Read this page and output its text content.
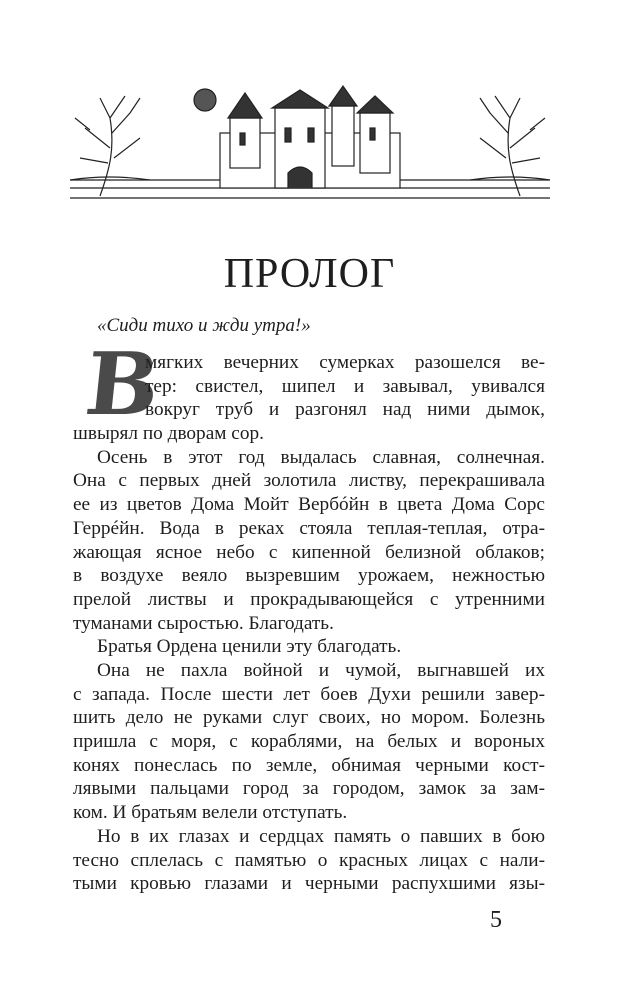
ПРОЛОГ
«Сиди тихо и жди утра!»
В
мягких вечерних сумерках разошелся ве-
тер: свистел, шипел и завывал, увивался
вокруг труб и разгонял над ними дымок,
швырял по дворам сор.
Осень в этот год выдалась славная, солнечная.
Она с первых дней золотила листву, перекрашивала
ее из цветов Дома Мойт Вербóйн в цвета Дома Сорс
Геррéйн. Вода в реках стояла теплая-теплая, отра-
жающая ясное небо с кипенной белизной облаков;
в воздухе веяло вызревшим урожаем, нежностью
прелой листвы и прокрадывающейся с утренними
туманами сыростью. Благодать.
Братья Ордена ценили эту благодать.
Она не пахла войной и чумой, выгнавшей их
с запада. После шести лет боев Духи решили завер-
шить дело не руками слуг своих, но мором. Болезнь
пришла с моря, с кораблями, на белых и вороных
конях понеслась по земле, обнимая черными кост-
лявыми пальцами город за городом, замок за зам-
ком. И братьям велели отступать.
Но в их глазах и сердцах память о павших в бою
тесно сплелась с памятью о красных лицах с нали-
тыми кровью глазами и черными распухшими язы-
5
